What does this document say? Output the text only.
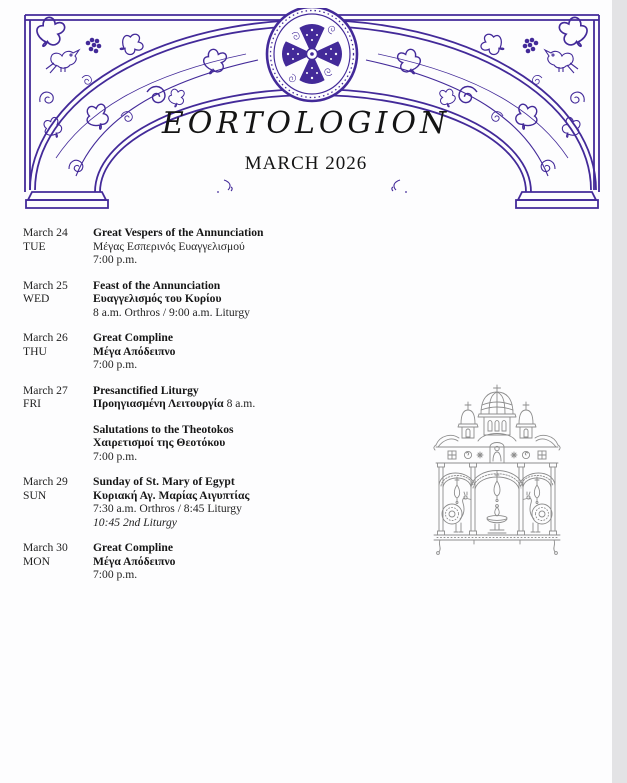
EORTOLOGION
MARCH 2026
March 24
TUE
Great Vespers of the Annunciation
Μέγας Εσπερινός Ευαγγελισμού
7:00 p.m.
March 25
WED
Feast of the Annunciation
Ευαγγελισμός του Κυρίου
8 a.m. Orthros / 9:00 a.m. Liturgy
March 26
THU
Great Compline
Μέγα Απόδειπνο
7:00 p.m.
March 27
FRI
Presanctified Liturgy
Προηγιασμένη Λειτουργία 8 a.m.
Salutations to the Theotokos
Χαιρετισμοί της Θεοτόκου
7:00 p.m.
March 29
SUN
Sunday of St. Mary of Egypt
Κυριακή Αγ. Μαρίας Αιγυπτίας
7:30 a.m. Orthros / 8:45 Liturgy
10:45 2nd Liturgy
March 30
MON
Great Compline
Μέγα Απόδειπνο
7:00 p.m.
